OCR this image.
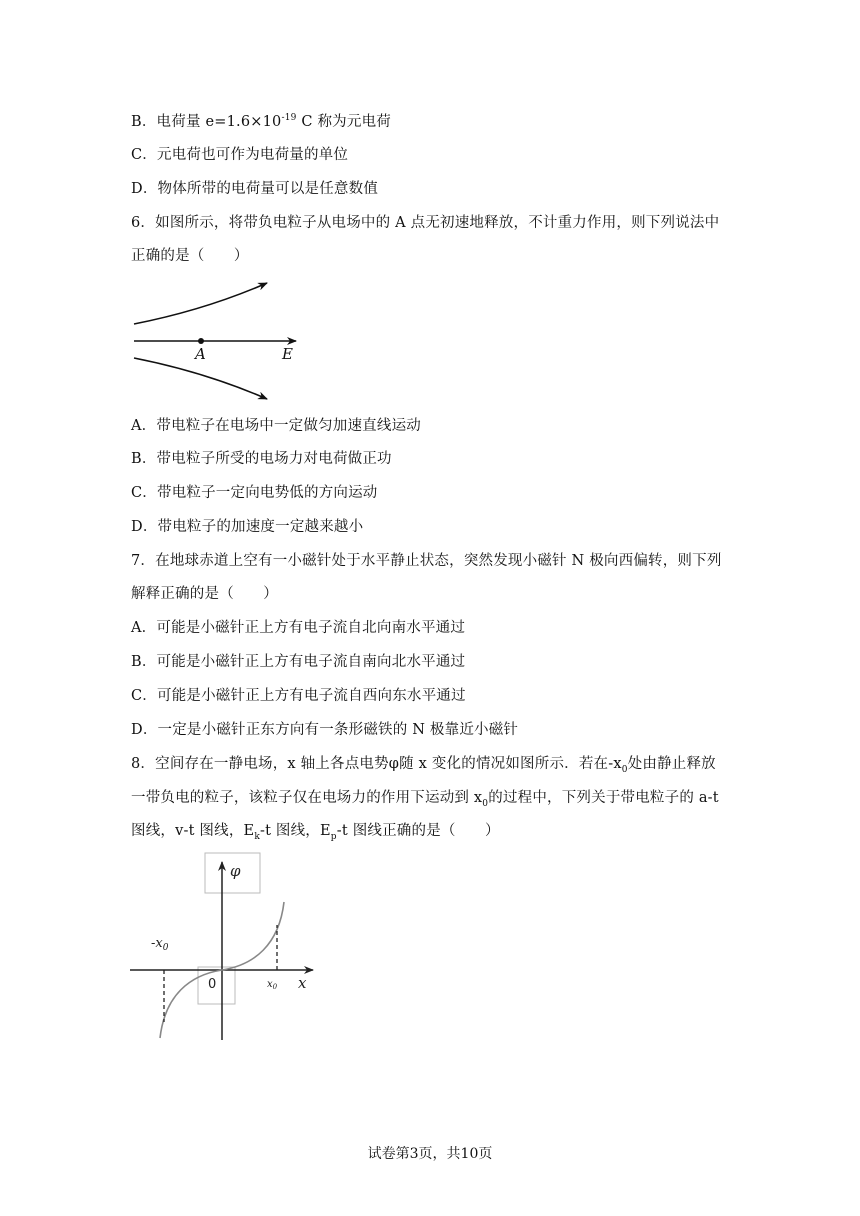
B．电荷量 $e=1.6\times 10^{-19}$ C 称为元电荷
C．元电荷也可作为电荷量的单位
D．物体所带的电荷量可以是任意数值
6．如图所示，将带负电粒子从电场中的 A 点无初速地释放，不计重力作用，则下列说法中
正确的是（　　）
A	E
A．带电粒子在电场中一定做匀加速直线运动
B．带电粒子所受的电场力对电荷做正功
C．带电粒子一定向电势低的方向运动
D．带电粒子的加速度一定越来越小
7．在地球赤道上空有一小磁针处于水平静止状态，突然发现小磁针 N 极向西偏转，则下列
解释正确的是（　　）
A．可能是小磁针正上方有电子流自北向南水平通过
B．可能是小磁针正上方有电子流自南向北水平通过
C．可能是小磁针正上方有电子流自西向东水平通过
D．一定是小磁针正东方向有一条形磁铁的 N 极靠近小磁针
8．空间存在一静电场，x 轴上各点电势φ随 x 变化的情况如图所示．若在$-x_0$处由静止释放
一带负电的粒子，该粒子仅在电场力的作用下运动到 $x_0$的过程中，下列关于带电粒子的 a-t
图线，v-t 图线，$E_k-t$ 图线，$E_p-t$ 图线正确的是（　　）
φ
x
0
$-x_0$
$x_0$
试卷第3页，共10页
